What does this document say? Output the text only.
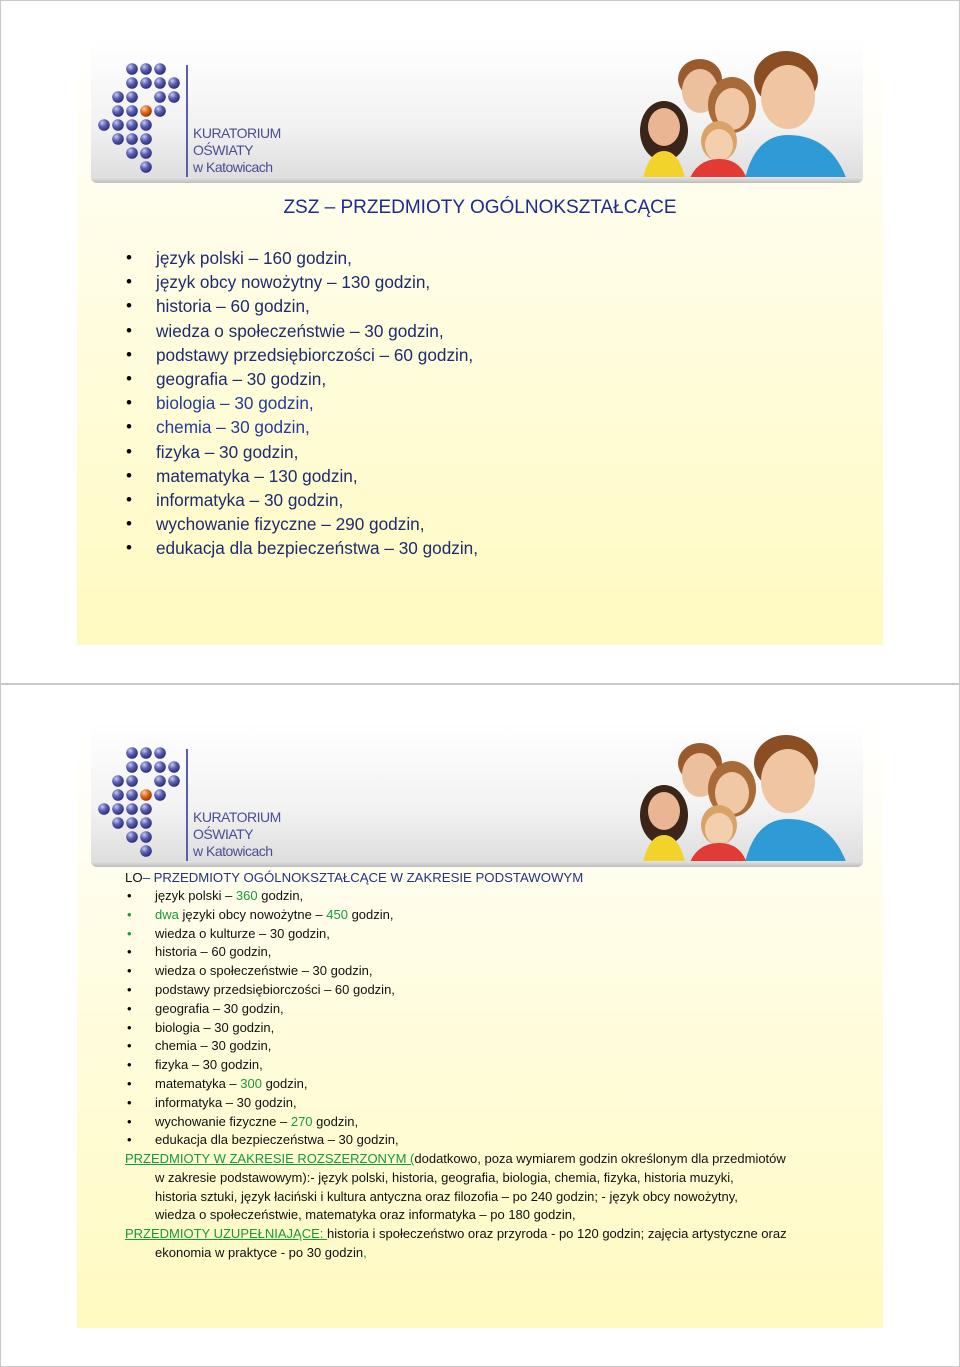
KURATORIUM
OŚWIATY
w Katowicach
ZSZ – PRZEDMIOTY OGÓLNOKSZTAŁCĄCE
• język polski – 160 godzin,
• język obcy nowożytny – 130 godzin,
• historia – 60 godzin,
• wiedza o społeczeństwie – 30 godzin,
• podstawy przedsiębiorczości – 60 godzin,
• geografia – 30 godzin,
• biologia – 30 godzin,
• chemia – 30 godzin,
• fizyka – 30 godzin,
• matematyka – 130 godzin,
• informatyka – 30 godzin,
• wychowanie fizyczne – 290 godzin,
• edukacja dla bezpieczeństwa – 30 godzin,
KURATORIUM
OŚWIATY
w Katowicach
LO– PRZEDMIOTY OGÓLNOKSZTAŁCĄCE W ZAKRESIE PODSTAWOWYM
• język polski – 360 godzin,
• dwa języki obcy nowożytne – 450 godzin,
• wiedza o kulturze – 30 godzin,
• historia – 60 godzin,
• wiedza o społeczeństwie – 30 godzin,
• podstawy przedsiębiorczości – 60 godzin,
• geografia – 30 godzin,
• biologia – 30 godzin,
• chemia – 30 godzin,
• fizyka – 30 godzin,
• matematyka – 300 godzin,
• informatyka – 30 godzin,
• wychowanie fizyczne – 270 godzin,
• edukacja dla bezpieczeństwa – 30 godzin,
PRZEDMIOTY W ZAKRESIE ROZSZERZONYM (dodatkowo, poza wymiarem godzin określonym dla przedmiotów
w zakresie podstawowym):- język polski, historia, geografia, biologia, chemia, fizyka, historia muzyki,
historia sztuki, język łaciński i kultura antyczna oraz filozofia – po 240 godzin; - język obcy nowożytny,
wiedza o społeczeństwie, matematyka oraz informatyka – po 180 godzin,
PRZEDMIOTY UZUPEŁNIAJĄCE: historia i społeczeństwo oraz przyroda - po 120 godzin; zajęcia artystyczne oraz
ekonomia w praktyce - po 30 godzin,
